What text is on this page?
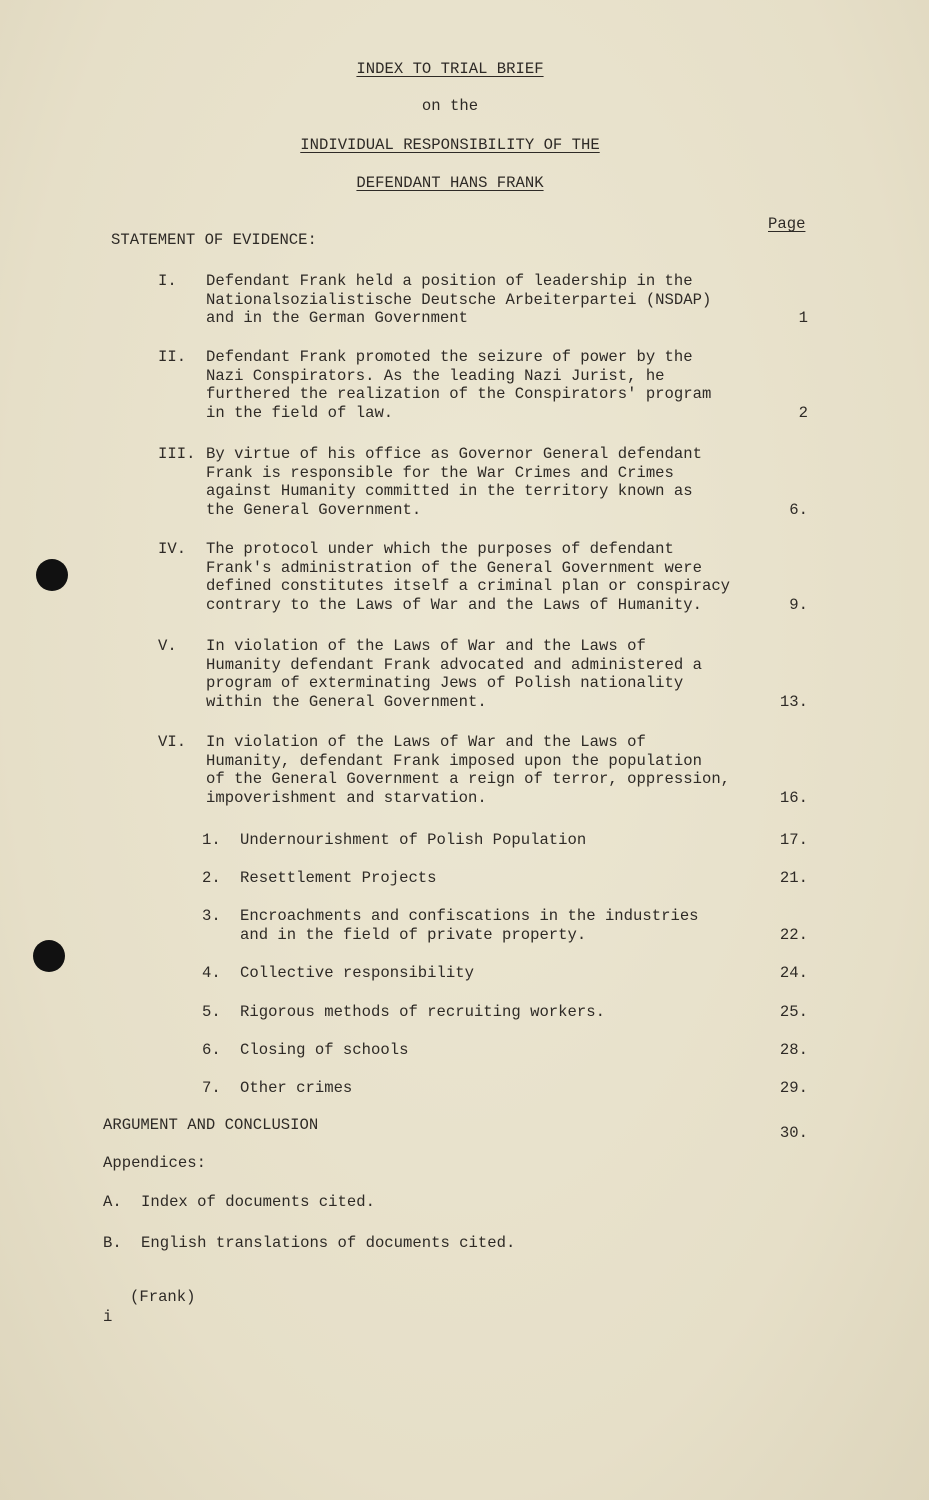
INDEX TO TRIAL BRIEF
on the
INDIVIDUAL RESPONSIBILITY OF THE
DEFENDANT HANS FRANK
Page
STATEMENT OF EVIDENCE:
I.	Defendant Frank held a position of leadership in the
Nationalsozialistische Deutsche Arbeiterpartei (NSDAP)
and in the German Government	1
II.	Defendant Frank promoted the seizure of power by the
Nazi Conspirators. As the leading Nazi Jurist, he
furthered the realization of the Conspirators' program
in the field of law.	2
III. By virtue of his office as Governor General defendant
Frank is responsible for the War Crimes and Crimes
against Humanity committed in the territory known as
the General Government.	6.
IV.	The protocol under which the purposes of defendant
Frank's administration of the General Government were
defined constitutes itself a criminal plan or conspiracy
contrary to the Laws of War and the Laws of Humanity.	9.
V.	In violation of the Laws of War and the Laws of
Humanity defendant Frank advocated and administered a
program of exterminating Jews of Polish nationality
within the General Government.	13.
VI.	In violation of the Laws of War and the Laws of
Humanity, defendant Frank imposed upon the population
of the General Government a reign of terror, oppression,
impoverishment and starvation.	16.
1.	Undernourishment of Polish Population	17.
2.	Resettlement Projects	21.
3.	Encroachments and confiscations in the industries
and in the field of private property.	22.
4.	Collective responsibility	24.
5.	Rigorous methods of recruiting workers.	25.
6.	Closing of schools	28.
7.	Other crimes	29.
ARGUMENT AND CONCLUSION	30.
Appendices:
A. Index of documents cited.
B. English translations of documents cited.
(Frank)
i
